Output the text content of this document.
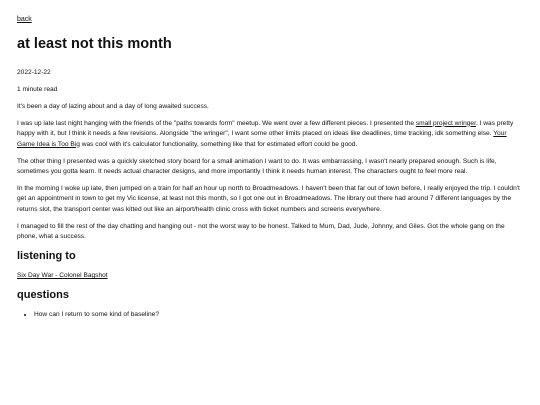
back
at least not this month

2022-12-22

1 minute read

It's been a day of lazing about and a day of long awaited success.

I was up late last night hanging with the friends of the "paths towards form" meetup. We went over a few different pieces. I presented the small project wringer. I was pretty happy with it, but I think it needs a few revisions. Alongside "the wringer", I want some other limits placed on ideas like deadlines, time tracking, idk something else. Your Game Idea is Too Big was cool with it's calculator functionality, something like that for estimated effort could be good.

The other thing I presented was a quickly sketched story board for a small animation I want to do. It was embarrassing, I wasn't nearly prepared enough. Such is life, sometimes you gotta learn. It needs actual character designs, and more importantly I think it needs human interest. The characters ought to feel more real.

In the morning I woke up late, then jumped on a train for half an hour up north to Broadmeadows. I haven't been that far out of town before, I really enjoyed the trip. I couldn't get an appointment in town to get my Vic license, at least not this month, so I got one out in Broadmeadows. The library out there had around 7 different languages by the returns slot, the transport center was kitted out like an airport/health clinic cross with ticket numbers and screens everywhere.

I managed to fill the rest of the day chatting and hanging out - not the worst way to be honest. Talked to Mum, Dad, Jude, Johnny, and Giles. Got the whole gang on the phone, what a success.

listening to

Six Day War - Colonel Bagshot

questions
• How can I return to some kind of baseline?
